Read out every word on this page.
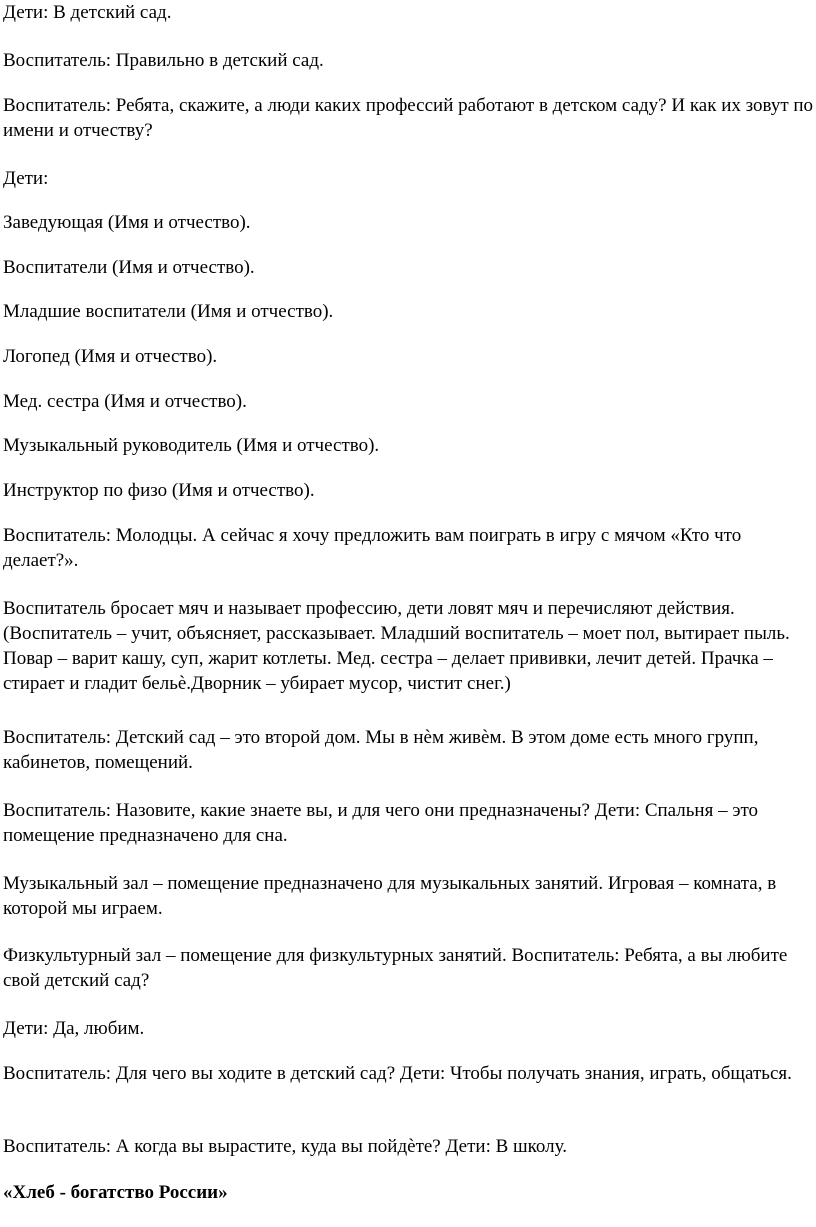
Дети: В детский сад.

Воспитатель: Правильно в детский сад.

Воспитатель: Ребята, скажите, а люди каких профессий работают в детском саду? И как их зовут по имени и отчеству?

Дети:

Заведующая (Имя и отчество).

Воспитатели (Имя и отчество).

Младшие воспитатели (Имя и отчество).

Логопед (Имя и отчество).

Мед. сестра (Имя и отчество).

Музыкальный руководитель (Имя и отчество).

Инструктор по физо (Имя и отчество).

Воспитатель: Молодцы. А сейчас я хочу предложить вам поиграть в игру с мячом «Кто что делает?».

Воспитатель бросает мяч и называет профессию, дети ловят мяч и перечисляют действия. (Воспитатель – учит, объясняет, рассказывает. Младший воспитатель – моет пол, вытирает пыль. Повар – варит кашу, суп, жарит котлеты. Мед. сестра – делает прививки, лечит детей. Прачка – стирает и гладит бельѐ.Дворник – убирает мусор, чистит снег.)

Воспитатель: Детский сад – это второй дом. Мы в нѐм живѐм. В этом доме есть много групп, кабинетов, помещений.

Воспитатель: Назовите, какие знаете вы, и для чего они предназначены? Дети: Спальня – это помещение предназначено для сна.

Музыкальный зал – помещение предназначено для музыкальных занятий. Игровая – комната, в которой мы играем.

Физкультурный зал – помещение для физкультурных занятий. Воспитатель: Ребята, а вы любите свой детский сад?

Дети: Да, любим.

Воспитатель: Для чего вы ходите в детский сад? Дети: Чтобы получать знания, играть, общаться.

Воспитатель: А когда вы вырастите, куда вы пойдѐте? Дети: В школу.

«Хлеб - богатство России»
